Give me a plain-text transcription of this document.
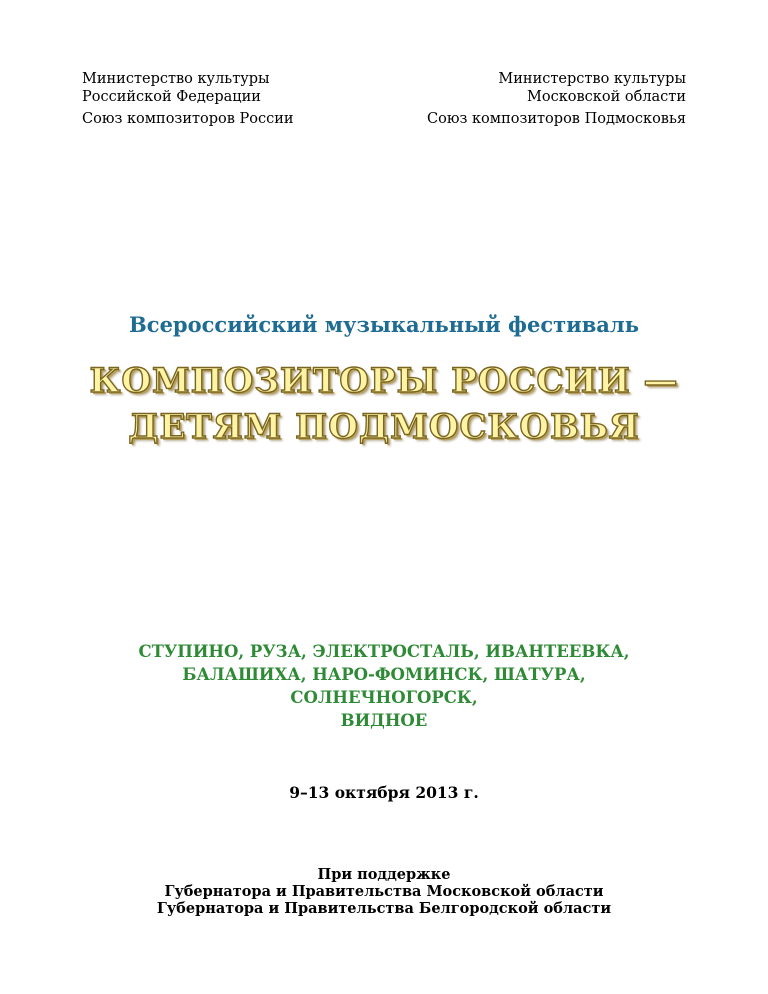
Министерство культуры
Российской Федерации
Союз композиторов России
Министерство культуры
Московской области
Союз композиторов Подмосковья
Всероссийский музыкальный фестиваль
КОМПОЗИТОРЫ РОССИИ —
ДЕТЯМ ПОДМОСКОВЬЯ
СТУПИНО, РУЗА, ЭЛЕКТРОСТАЛЬ, ИВАНТЕЕВКА,
БАЛАШИХА, НАРО-ФОМИНСК, ШАТУРА,
СОЛНЕЧНОГОРСК,
ВИДНОЕ
9–13 октября 2013 г.
При поддержке
Губернатора и Правительства Московской области
Губернатора и Правительства Белгородской области
